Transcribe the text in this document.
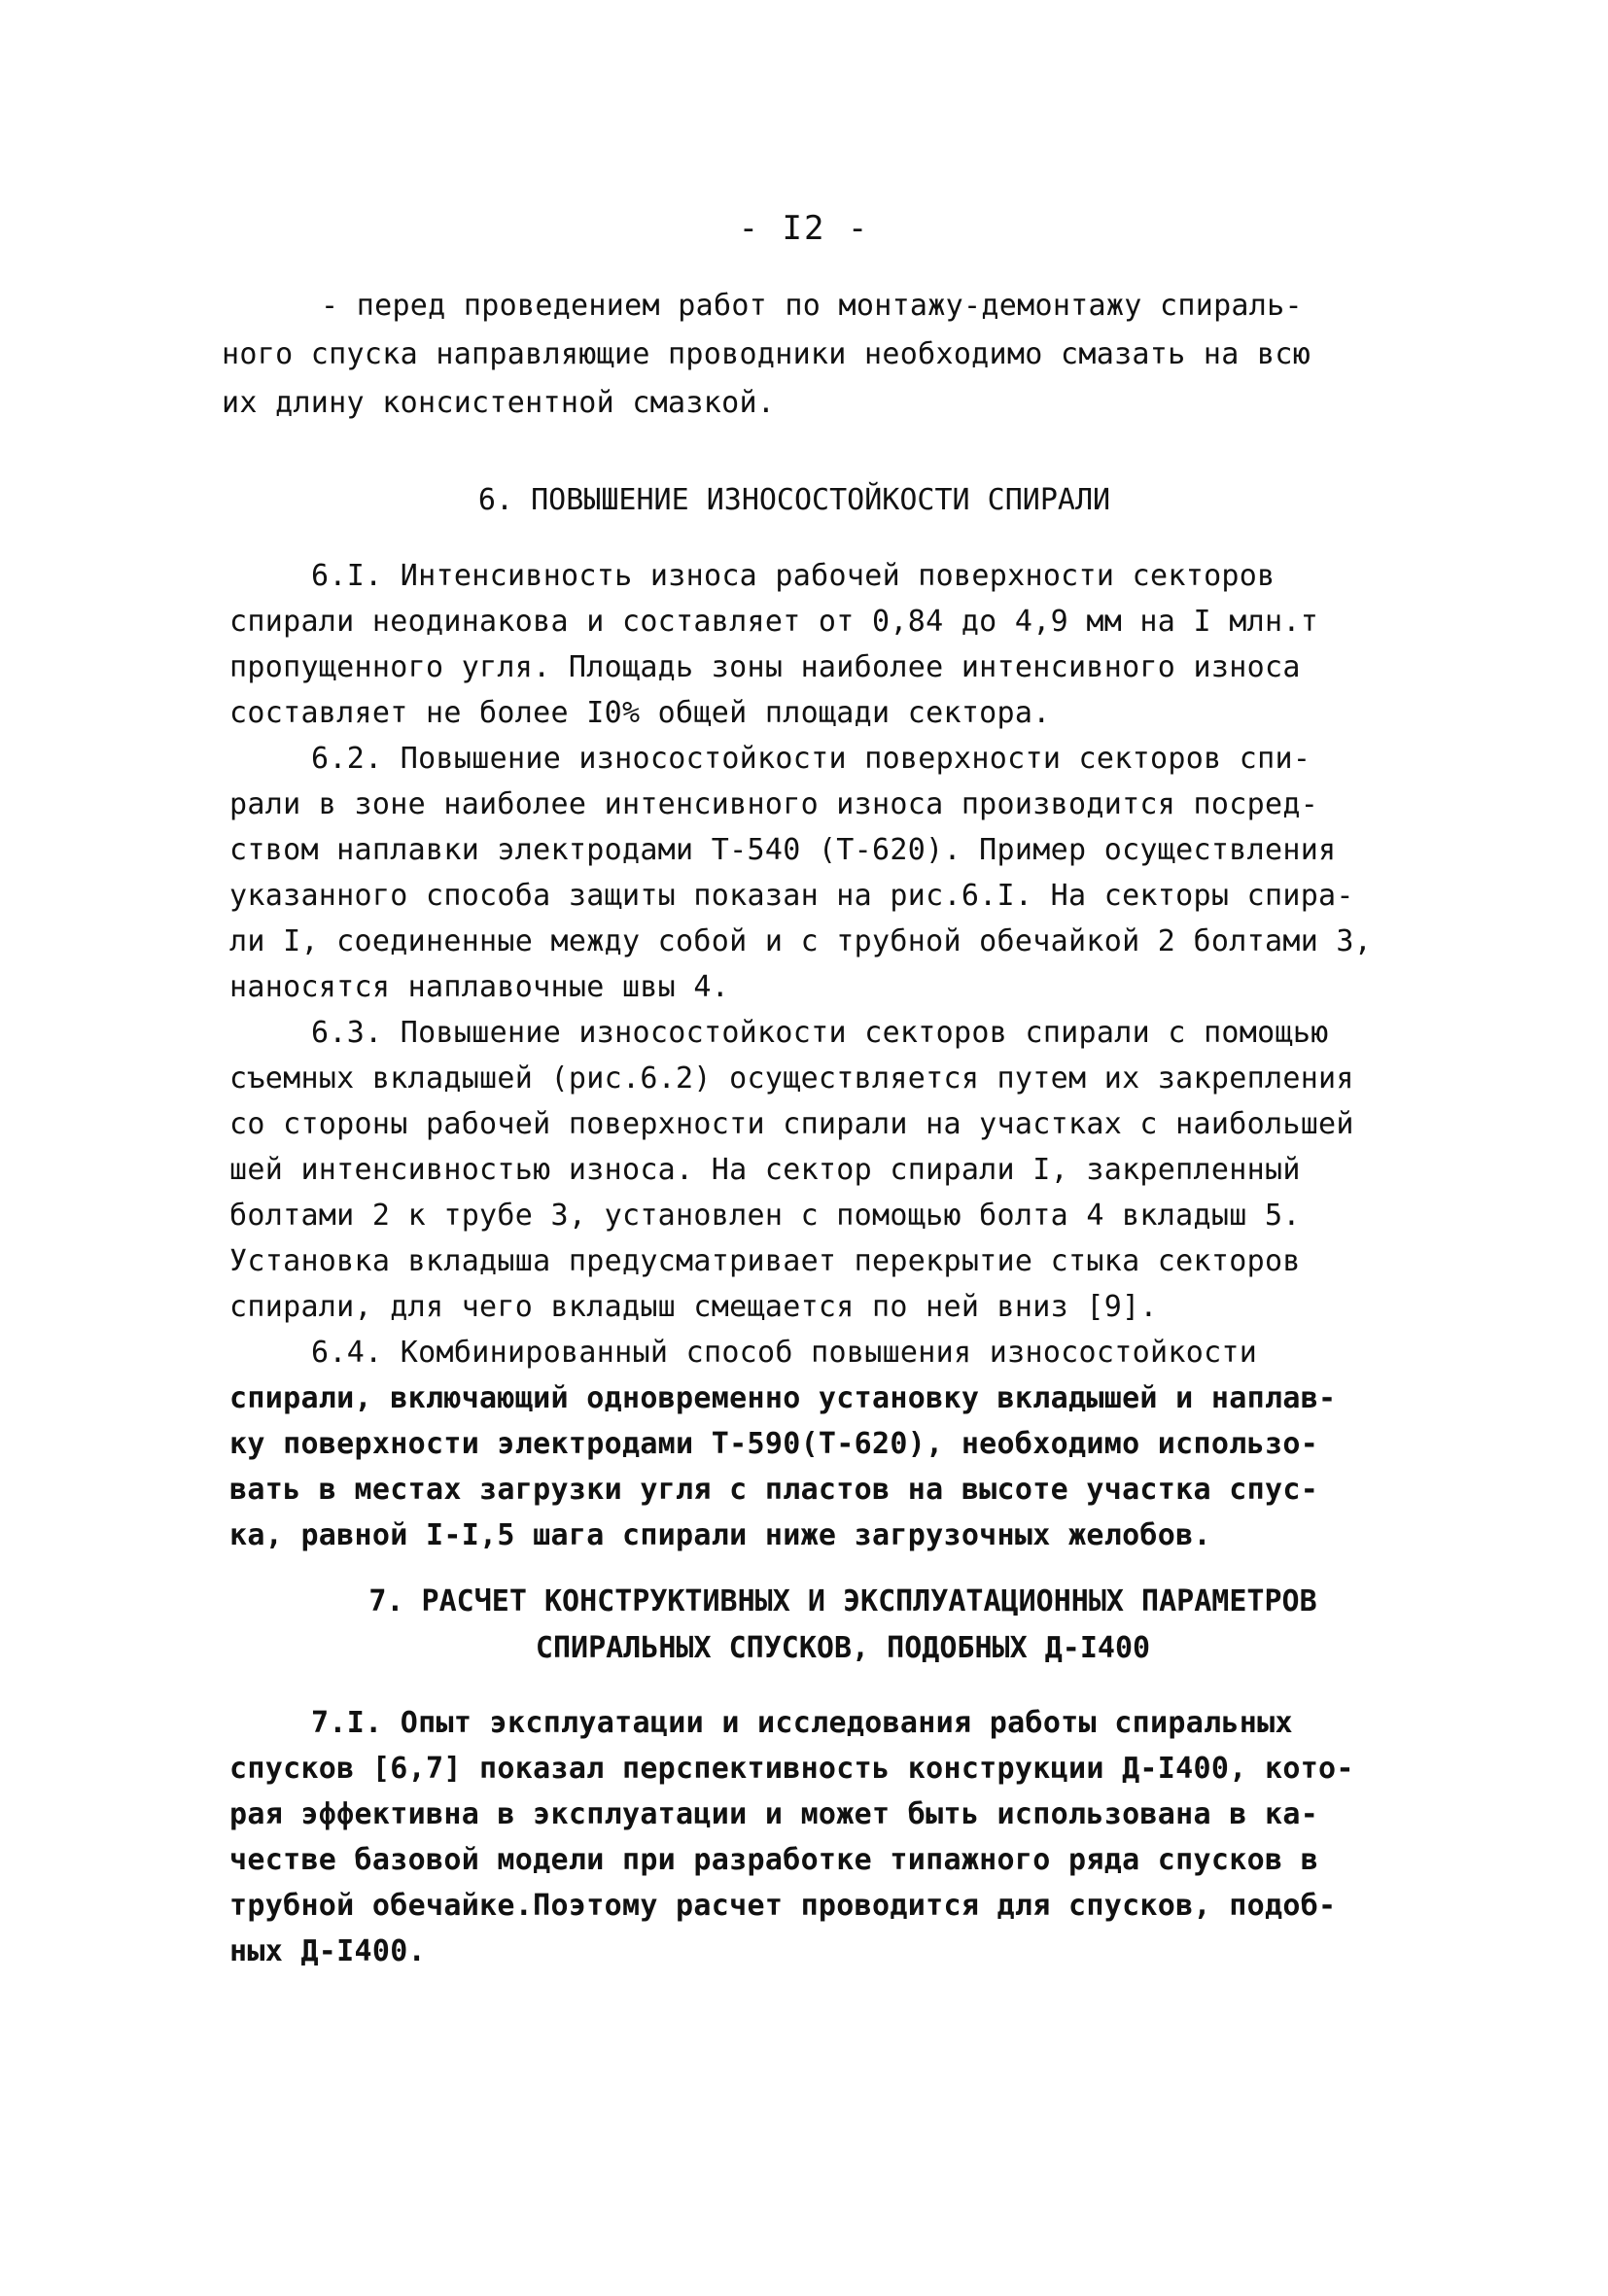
- I2 -
- перед проведением работ по монтажу-демонтажу спираль-
ного спуска направляющие проводники необходимо смазать на всю
их длину консистентной смазкой.
6. ПОВЫШЕНИЕ ИЗНОСОСТОЙКОСТИ СПИРАЛИ
6.I. Интенсивность износа рабочей поверхности секторов
спирали неодинакова и составляет от 0,84 до 4,9 мм на I млн.т
пропущенного угля. Площадь зоны наиболее интенсивного износа
составляет не более I0% общей площади сектора.
6.2. Повышение износостойкости поверхности секторов спи-
рали в зоне наиболее интенсивного износа производится посред-
ством наплавки электродами Т-540 (Т-620). Пример осуществления
указанного способа защиты показан на рис.6.I. На секторы спира-
ли I, соединенные между собой и с трубной обечайкой 2 болтами 3,
наносятся наплавочные швы 4.
6.3. Повышение износостойкости секторов спирали с помощью
съемных вкладышей (рис.6.2) осуществляется путем их закрепления
со стороны рабочей поверхности спирали на участках с наибольшей
шей интенсивностью износа. На сектор спирали I, закрепленный
болтами 2 к трубе 3, установлен с помощью болта 4 вкладыш 5.
Установка вкладыша предусматривает перекрытие стыка секторов
спирали, для чего вкладыш смещается по ней вниз [9].
6.4. Комбинированный способ повышения износостойкости
спирали, включающий одновременно установку вкладышей и наплав-
ку поверхности электродами Т-590(Т-620), необходимо использо-
вать в местах загрузки угля с пластов на высоте участка спус-
ка, равной I-I,5 шага спирали ниже загрузочных желобов.
7. РАСЧЕТ КОНСТРУКТИВНЫХ И ЭКСПЛУАТАЦИОННЫХ ПАРАМЕТРОВ
СПИРАЛЬНЫХ СПУСКОВ, ПОДОБНЫХ Д-I400
7.I. Опыт эксплуатации и исследования работы спиральных
спусков [6,7] показал перспективность конструкции Д-I400, кото-
рая эффективна в эксплуатации и может быть использована в ка-
честве базовой модели при разработке типажного ряда спусков в
трубной обечайке.Поэтому расчет проводится для спусков, подоб-
ных Д-I400.
